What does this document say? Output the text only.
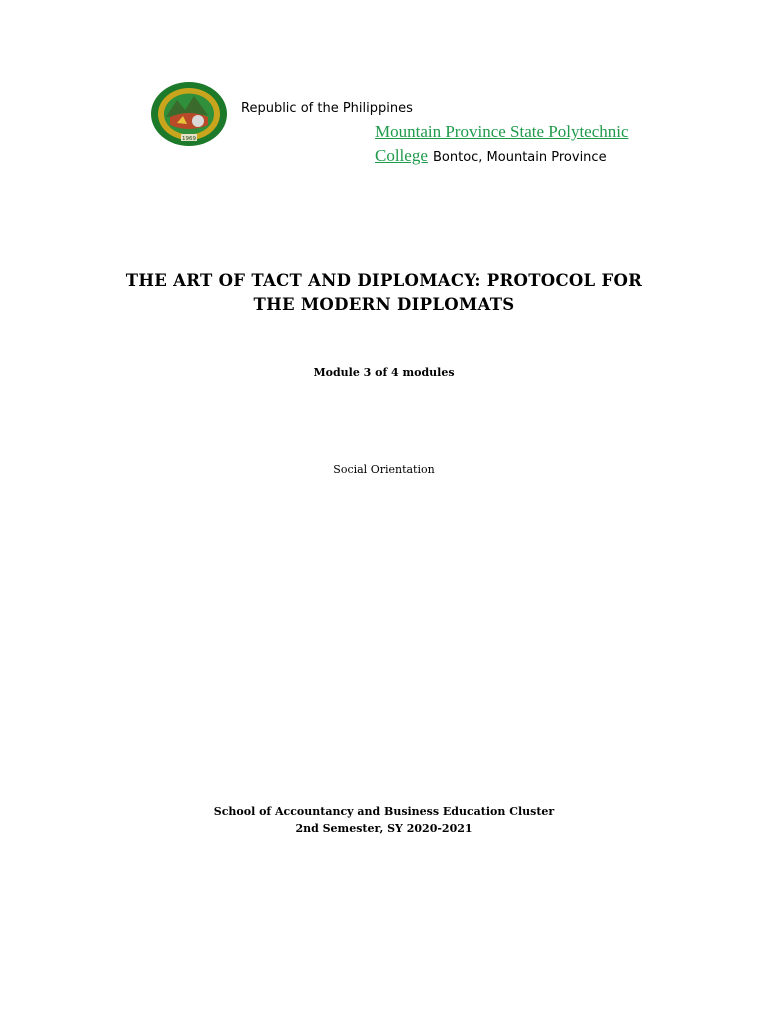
1969
Republic of the Philippines
Mountain Province State Polytechnic
College Bontoc, Mountain Province
THE ART OF TACT AND DIPLOMACY: PROTOCOL FOR
THE MODERN DIPLOMATS
Module 3 of 4 modules
Social Orientation
School of Accountancy and Business Education Cluster
2nd Semester, SY 2020-2021
